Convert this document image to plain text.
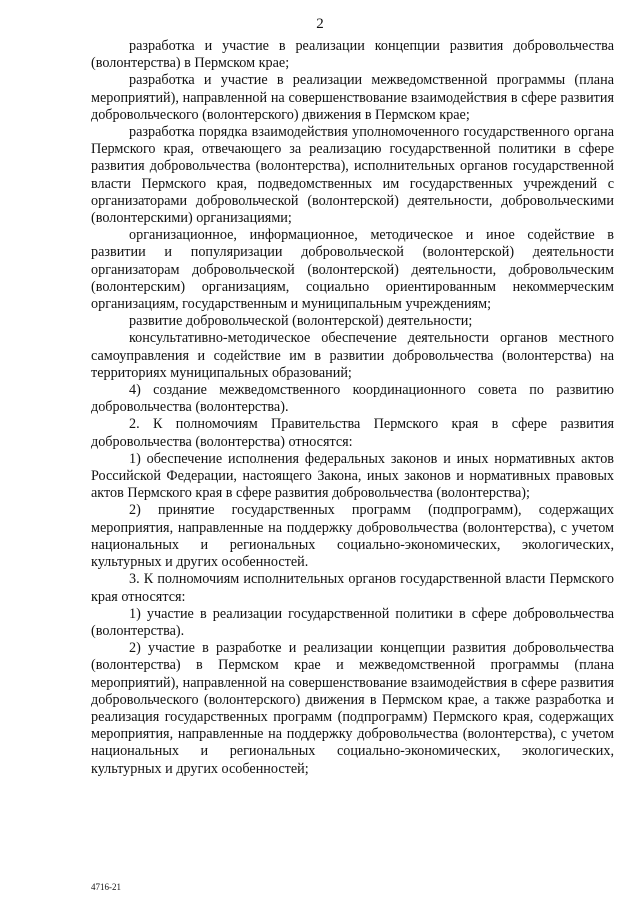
2

разработка и участие в реализации концепции развития добровольчества (волонтерства) в Пермском крае;

разработка и участие в реализации межведомственной программы (плана мероприятий), направленной на совершенствование взаимодействия в сфере развития добровольческого (волонтерского) движения в Пермском крае;

разработка порядка взаимодействия уполномоченного государственного органа Пермского края, отвечающего за реализацию государственной политики в сфере развития добровольчества (волонтерства), исполнительных органов государственной власти Пермского края, подведомственных им государственных учреждений с организаторами добровольческой (волонтерской) деятельности, добровольческими (волонтерскими) организациями;

организационное, информационное, методическое и иное содействие в развитии и популяризации добровольческой (волонтерской) деятельности организаторам добровольческой (волонтерской) деятельности, добровольческим (волонтерским) организациям, социально ориентированным некоммерческим организациям, государственным и муниципальным учреждениям;

развитие добровольческой (волонтерской) деятельности;

консультативно-методическое обеспечение деятельности органов местного самоуправления и содействие им в развитии добровольчества (волонтерства) на территориях муниципальных образований;

4) создание межведомственного координационного совета по развитию добровольчества (волонтерства).

2. К полномочиям Правительства Пермского края в сфере развития добровольчества (волонтерства) относятся:

1) обеспечение исполнения федеральных законов и иных нормативных актов Российской Федерации, настоящего Закона, иных законов и нормативных правовых актов Пермского края в сфере развития добровольчества (волонтерства);

2) принятие государственных программ (подпрограмм), содержащих мероприятия, направленные на поддержку добровольчества (волонтерства), с учетом национальных и региональных социально-экономических, экологических, культурных и других особенностей.

3. К полномочиям исполнительных органов государственной власти Пермского края относятся:

1) участие в реализации государственной политики в сфере добровольчества (волонтерства).

2) участие в разработке и реализации концепции развития добровольчества (волонтерства) в Пермском крае и межведомственной программы (плана мероприятий), направленной на совершенствование взаимодействия в сфере развития добровольческого (волонтерского) движения в Пермском крае, а также разработка и реализация государственных программ (подпрограмм) Пермского края, содержащих мероприятия, направленные на поддержку добровольчества (волонтерства), с учетом национальных и региональных социально-экономических, экологических, культурных и других особенностей;

4716-21
